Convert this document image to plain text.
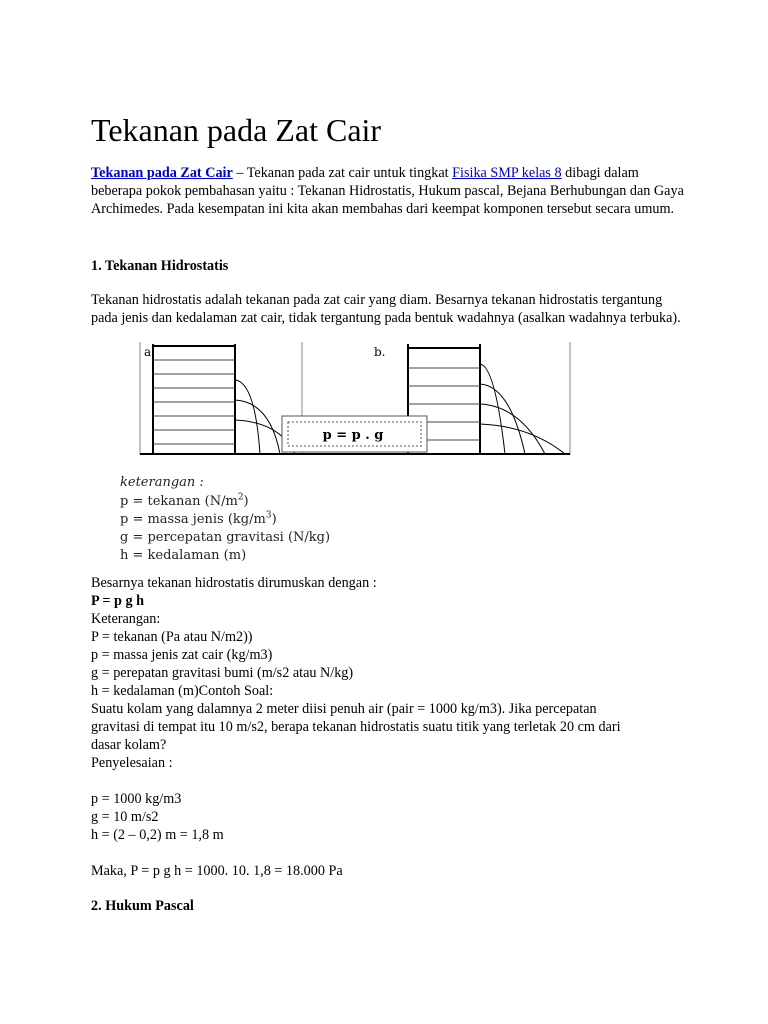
Tekanan pada Zat Cair

Tekanan pada Zat Cair – Tekanan pada zat cair untuk tingkat Fisika SMP kelas 8 dibagi dalam beberapa pokok pembahasan yaitu : Tekanan Hidrostatis, Hukum pascal, Bejana Berhubungan dan Gaya Archimedes. Pada kesempatan ini kita akan membahas dari keempat komponen tersebut secara umum.

1. Tekanan Hidrostatis

Tekanan hidrostatis adalah tekanan pada zat cair yang diam. Besarnya tekanan hidrostatis tergantung pada jenis dan kedalaman zat cair, tidak tergantung pada bentuk wadahnya (asalkan wadahnya terbuka).

p = p . g
a	b.
keterangan :
p = tekanan $(N/m^2)$
p = massa jenis $(kg/m^3)$
g = percepatan gravitasi (N/kg)
h = kedalaman (m)

Besarnya tekanan hidrostatis dirumuskan dengan :

P = p g h

Keterangan:

P = tekanan (Pa atau N/m2))

p = massa jenis zat cair (kg/m3)

g = perepatan gravitasi bumi (m/s2 atau N/kg)

h = kedalaman (m)Contoh Soal:

Suatu kolam yang dalamnya 2 meter diisi penuh air (pair = 1000 kg/m3). Jika percepatan

gravitasi di tempat itu 10 m/s2, berapa tekanan hidrostatis suatu titik yang terletak 20 cm dari

dasar kolam?

Penyelesaian :

p = 1000 kg/m3

g = 10 m/s2

h = (2 – 0,2) m = 1,8 m

Maka, P = p g h = 1000. 10. 1,8 = 18.000 Pa

2. Hukum Pascal
